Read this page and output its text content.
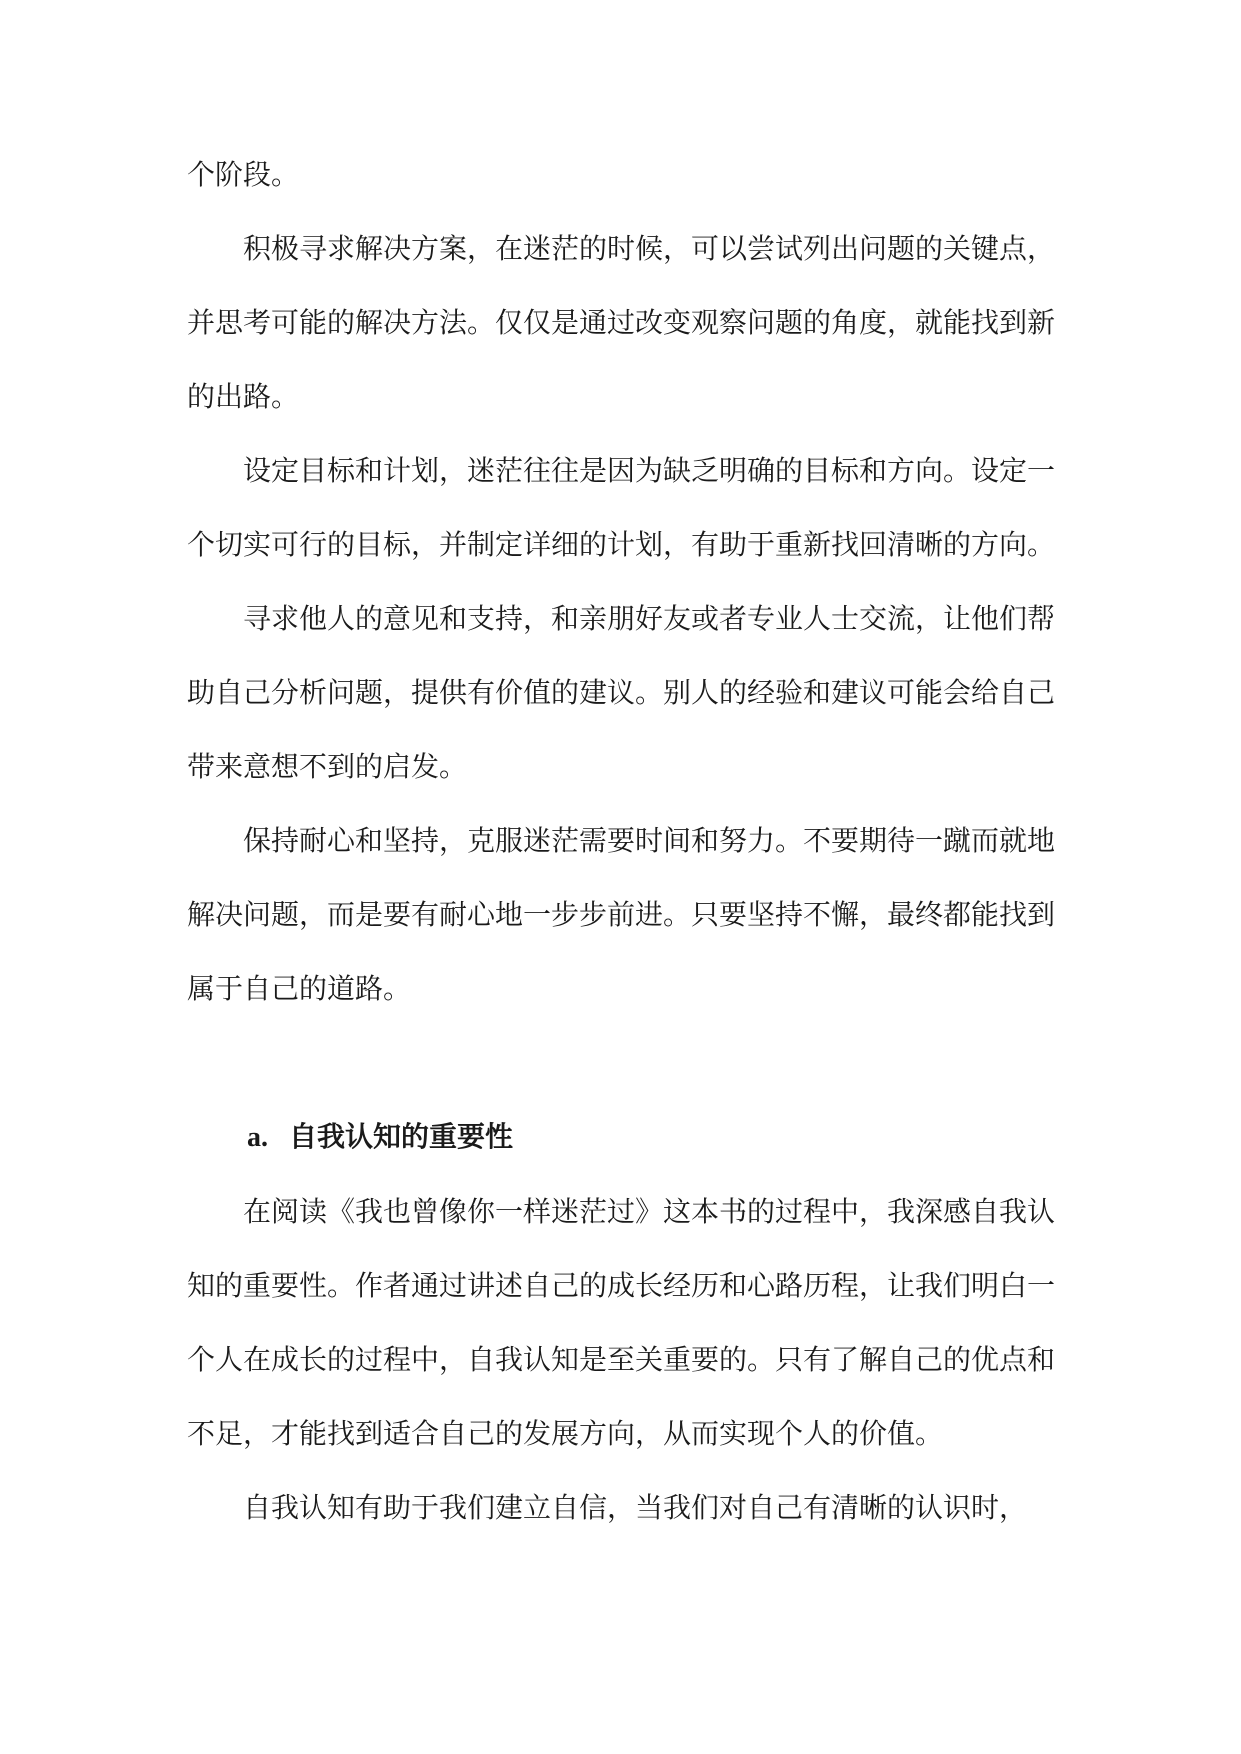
个阶段。

积极寻求解决方案，在迷茫的时候，可以尝试列出问题的关键点，并思考可能的解决方法。仅仅是通过改变观察问题的角度，就能找到新的出路。

设定目标和计划，迷茫往往是因为缺乏明确的目标和方向。设定一个切实可行的目标，并制定详细的计划，有助于重新找回清晰的方向。

寻求他人的意见和支持，和亲朋好友或者专业人士交流，让他们帮助自己分析问题，提供有价值的建议。别人的经验和建议可能会给自己带来意想不到的启发。

保持耐心和坚持，克服迷茫需要时间和努力。不要期待一蹴而就地解决问题，而是要有耐心地一步步前进。只要坚持不懈，最终都能找到属于自己的道路。

a. 自我认知的重要性

在阅读《我也曾像你一样迷茫过》这本书的过程中，我深感自我认知的重要性。作者通过讲述自己的成长经历和心路历程，让我们明白一个人在成长的过程中，自我认知是至关重要的。只有了解自己的优点和不足，才能找到适合自己的发展方向，从而实现个人的价值。

自我认知有助于我们建立自信，当我们对自己有清晰的认识时，
